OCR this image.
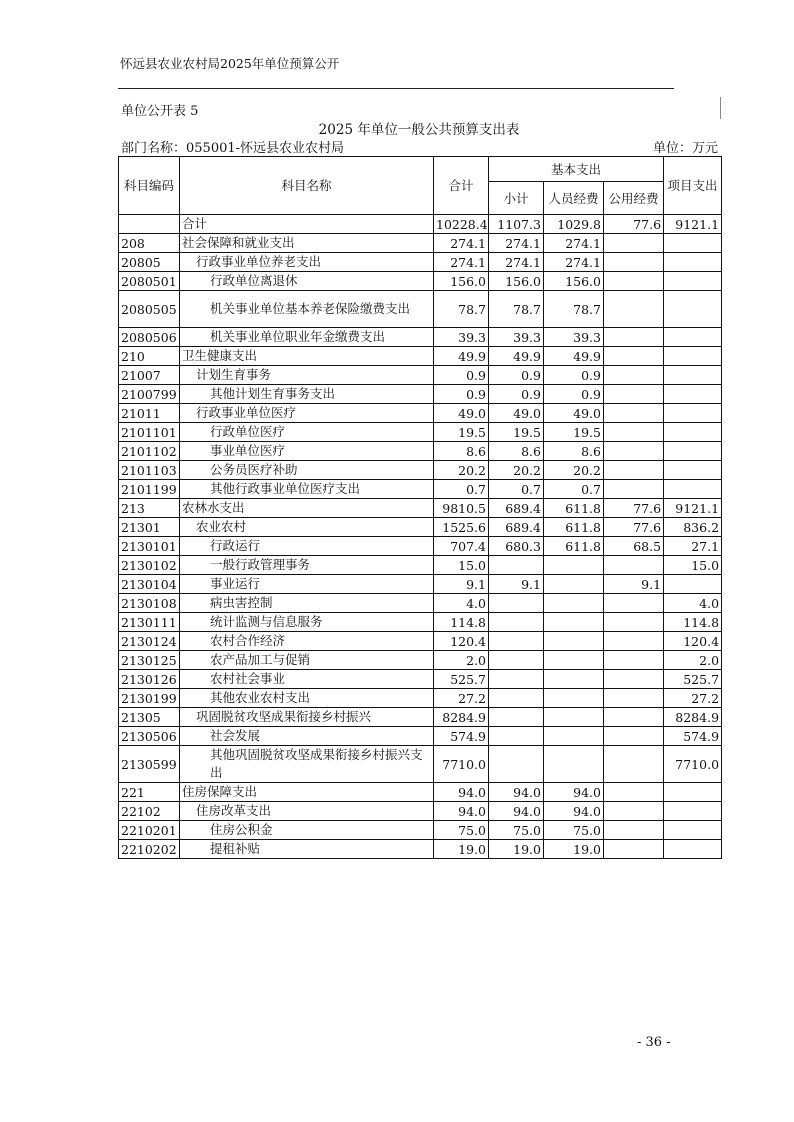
怀远县农业农村局2025年单位预算公开
单位公开表 5
2025 年单位一般公共预算支出表
部门名称：055001-怀远县农业农村局	单位：万元
科目编码	科目名称	合计	基本支出			项目支出
			小计	人员经费	公用经费	
	合计	10228.4	1107.3	1029.8	77.6	9121.1
208	社会保障和就业支出	274.1	274.1	274.1		
20805	行政事业单位养老支出	274.1	274.1	274.1		
2080501	行政单位离退休	156.0	156.0	156.0		
2080505	机关事业单位基本养老保险缴费支出	78.7	78.7	78.7		
2080506	机关事业单位职业年金缴费支出	39.3	39.3	39.3		
210	卫生健康支出	49.9	49.9	49.9		
21007	计划生育事务	0.9	0.9	0.9		
2100799	其他计划生育事务支出	0.9	0.9	0.9		
21011	行政事业单位医疗	49.0	49.0	49.0		
2101101	行政单位医疗	19.5	19.5	19.5		
2101102	事业单位医疗	8.6	8.6	8.6		
2101103	公务员医疗补助	20.2	20.2	20.2		
2101199	其他行政事业单位医疗支出	0.7	0.7	0.7		
213	农林水支出	9810.5	689.4	611.8	77.6	9121.1
21301	农业农村	1525.6	689.4	611.8	77.6	836.2
2130101	行政运行	707.4	680.3	611.8	68.5	27.1
2130102	一般行政管理事务	15.0				15.0
2130104	事业运行	9.1	9.1		9.1	
2130108	病虫害控制	4.0				4.0
2130111	统计监测与信息服务	114.8				114.8
2130124	农村合作经济	120.4				120.4
2130125	农产品加工与促销	2.0				2.0
2130126	农村社会事业	525.7				525.7
2130199	其他农业农村支出	27.2				27.2
21305	巩固脱贫攻坚成果衔接乡村振兴	8284.9				8284.9
2130506	社会发展	574.9				574.9
2130599	其他巩固脱贫攻坚成果衔接乡村振兴支出	7710.0				7710.0
221	住房保障支出	94.0	94.0	94.0		
22102	住房改革支出	94.0	94.0	94.0		
2210201	住房公积金	75.0	75.0	75.0		
2210202	提租补贴	19.0	19.0	19.0		
- 36 -
